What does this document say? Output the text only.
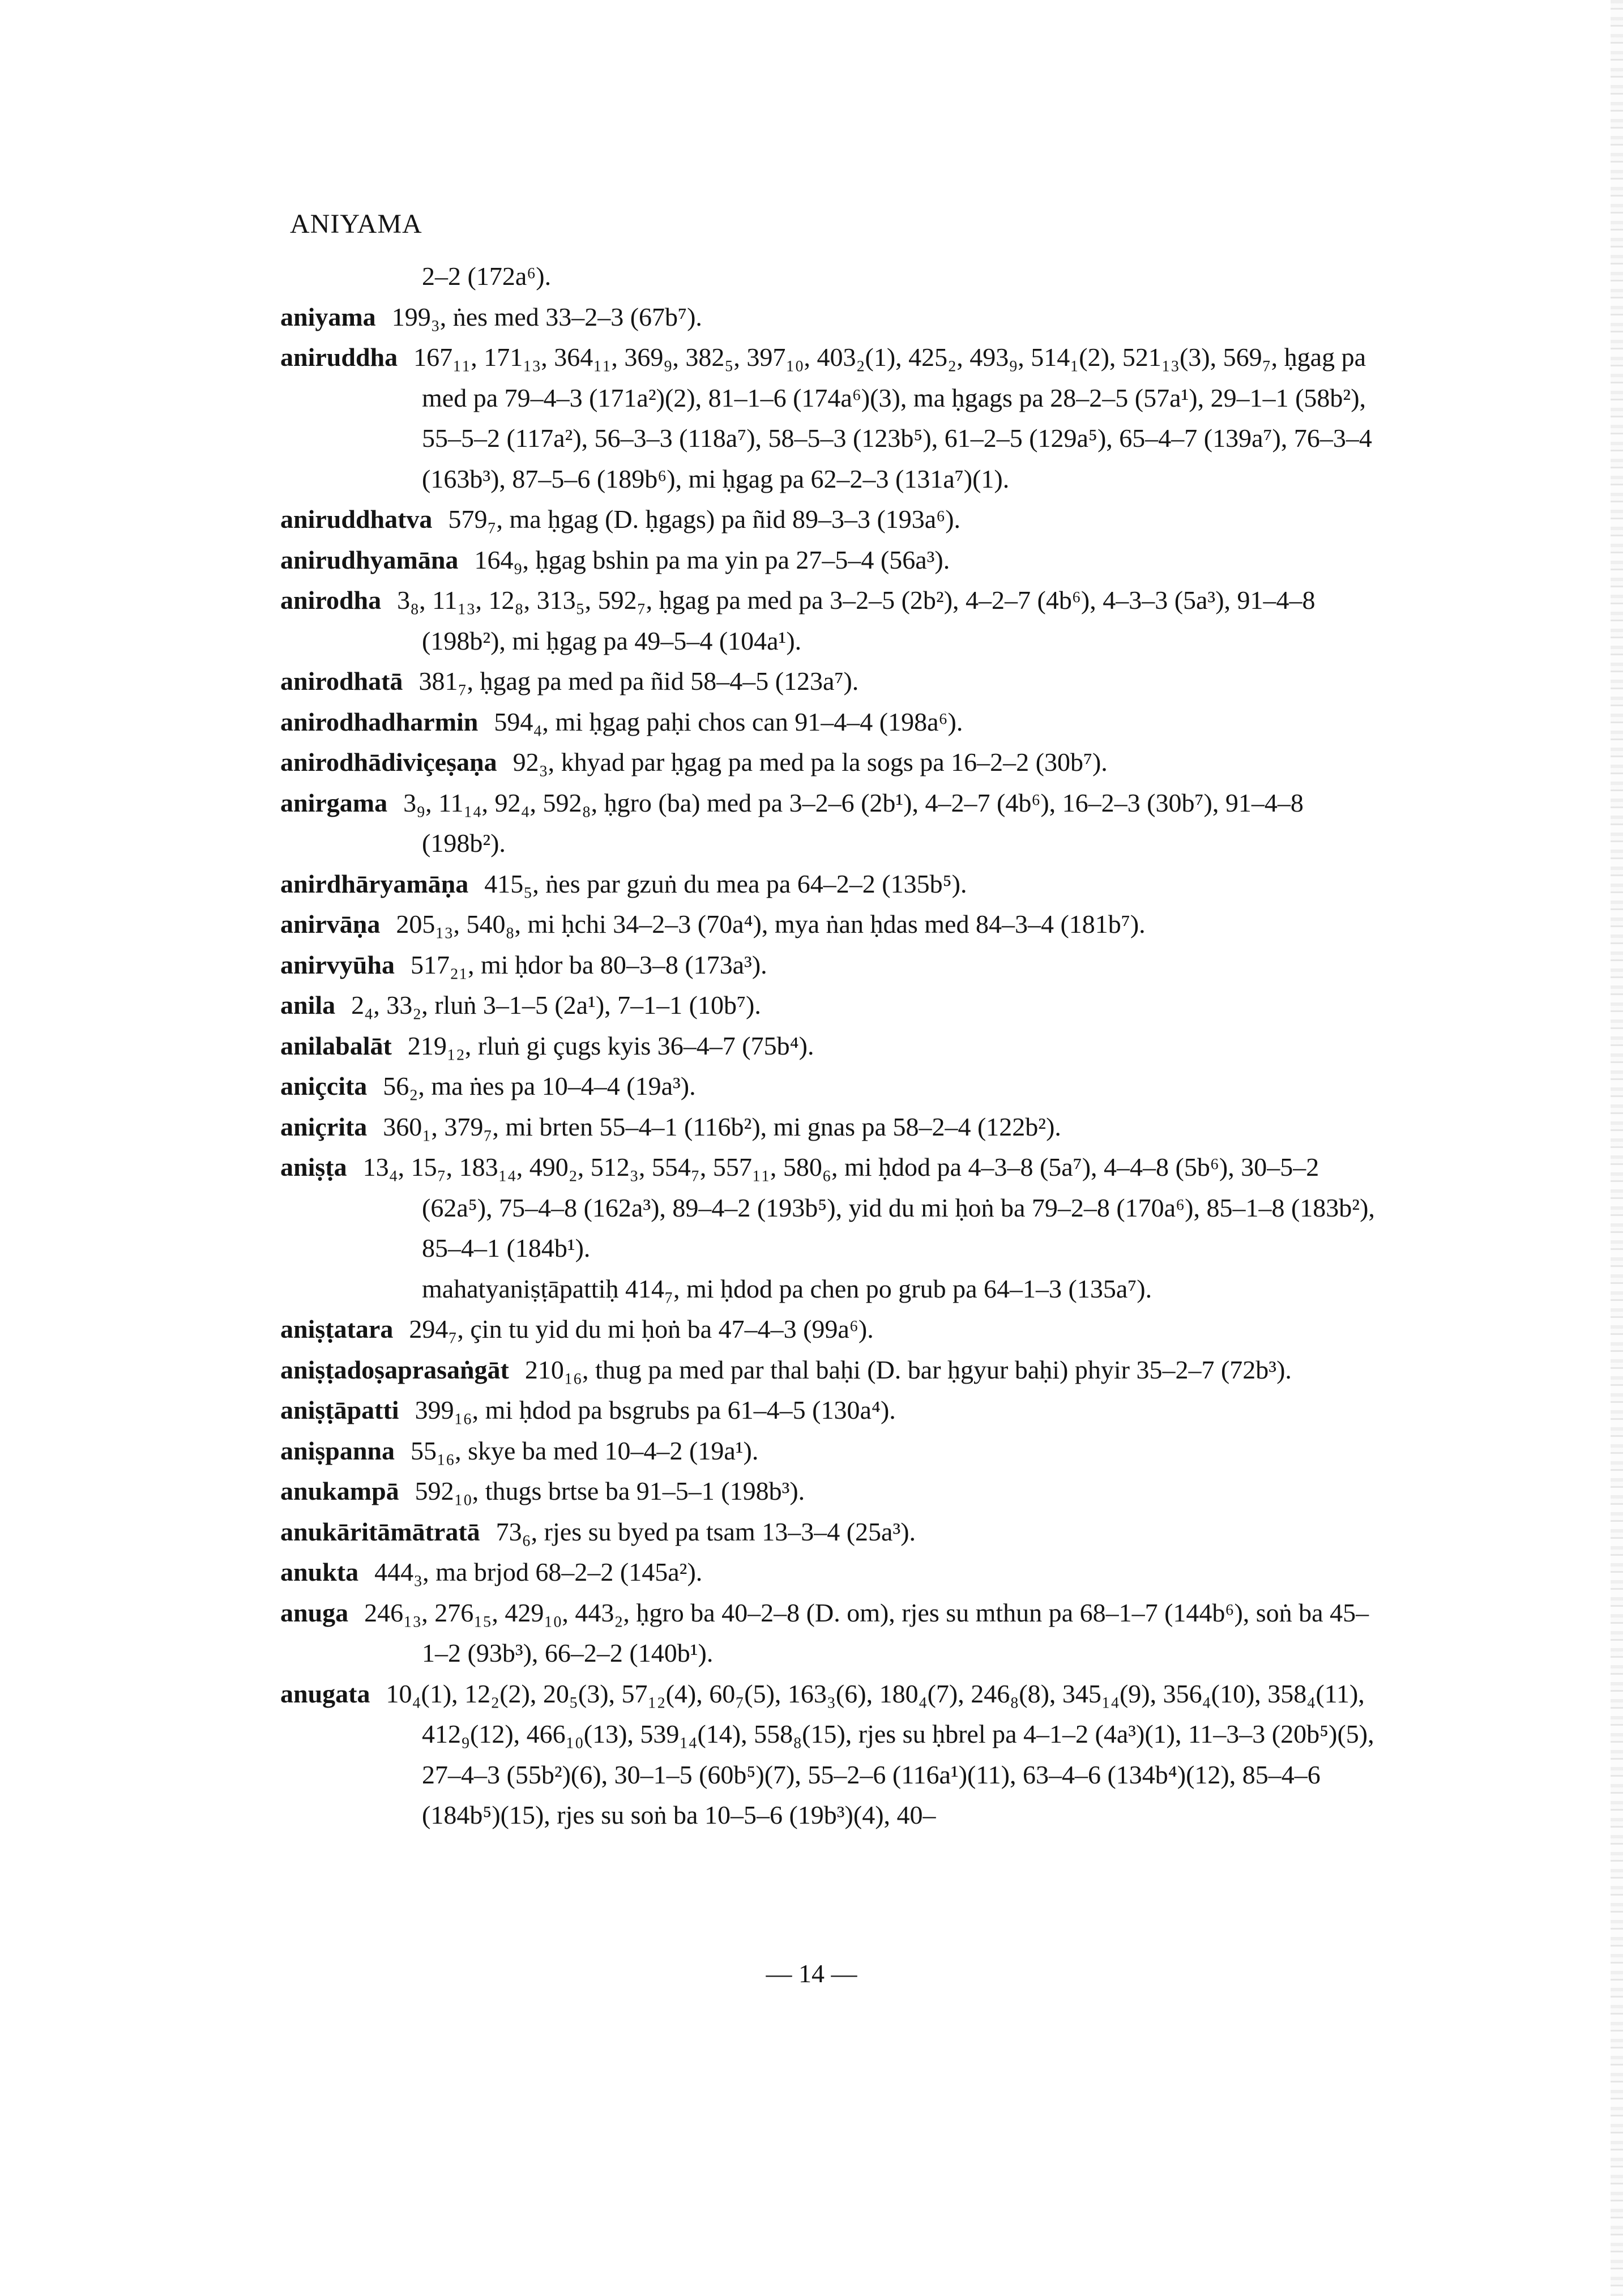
ANIYAMA

2–2 (172a⁶).

aniyama 199₃, ṅes med 33–2–3 (67b⁷).

aniruddha 167₁₁, 171₁₃, 364₁₁, 369₉, 382₅, 397₁₀, 403₂(1), 425₂, 493₉, 514₁(2), 521₁₃(3), 569₇, ḥgag pa med pa 79–4–3 (171a²)(2), 81–1–6 (174a⁶)(3), ma ḥgags pa 28–2–5 (57a¹), 29–1–1 (58b²), 55–5–2 (117a²), 56–3–3 (118a⁷), 58–5–3 (123b⁵), 61–2–5 (129a⁵), 65–4–7 (139a⁷), 76–3–4 (163b³), 87–5–6 (189b⁶), mi ḥgag pa 62–2–3 (131a⁷)(1).

aniruddhatva 579₇, ma ḥgag (D. ḥgags) pa ñid 89–3–3 (193a⁶).

anirudhyamāna 164₉, ḥgag bshin pa ma yin pa 27–5–4 (56a³).

anirodha 3₈, 11₁₃, 12₈, 313₅, 592₇, ḥgag pa med pa 3–2–5 (2b²), 4–2–7 (4b⁶), 4–3–3 (5a³), 91–4–8 (198b²), mi ḥgag pa 49–5–4 (104a¹).

anirodhatā 381₇, ḥgag pa med pa ñid 58–4–5 (123a⁷).

anirodhadharmin 594₄, mi ḥgag paḥi chos can 91–4–4 (198a⁶).

anirodhādiviçeṣaṇa 92₃, khyad par ḥgag pa med pa la sogs pa 16–2–2 (30b⁷).

anirgama 3₉, 11₁₄, 92₄, 592₈, ḥgro (ba) med pa 3–2–6 (2b¹), 4–2–7 (4b⁶), 16–2–3 (30b⁷), 91–4–8 (198b²).

anirdhāryamāṇa 415₅, ṅes par gzuṅ du mea pa 64–2–2 (135b⁵).

anirvāṇa 205₁₃, 540₈, mi ḥchi 34–2–3 (70a⁴), mya ṅan ḥdas med 84–3–4 (181b⁷).

anirvyūha 517₂₁, mi ḥdor ba 80–3–8 (173a³).

anila 2₄, 33₂, rluṅ 3–1–5 (2a¹), 7–1–1 (10b⁷).

anilabalāt 219₁₂, rluṅ gi çugs kyis 36–4–7 (75b⁴).

aniçcita 56₂, ma ṅes pa 10–4–4 (19a³).

aniçrita 360₁, 379₇, mi brten 55–4–1 (116b²), mi gnas pa 58–2–4 (122b²).

aniṣṭa 13₄, 15₇, 183₁₄, 490₂, 512₃, 554₇, 557₁₁, 580₆, mi ḥdod pa 4–3–8 (5a⁷), 4–4–8 (5b⁶), 30–5–2 (62a⁵), 75–4–8 (162a³), 89–4–2 (193b⁵), yid du mi ḥoṅ ba 79–2–8 (170a⁶), 85–1–8 (183b²), 85–4–1 (184b¹).

mahatyaniṣṭāpattiḥ 414₇, mi ḥdod pa chen po grub pa 64–1–3 (135a⁷).

aniṣṭatara 294₇, çin tu yid du mi ḥoṅ ba 47–4–3 (99a⁶).

aniṣṭadoṣaprasaṅgāt 210₁₆, thug pa med par thal baḥi (D. bar ḥgyur baḥi) phyir 35–2–7 (72b³).

aniṣṭāpatti 399₁₆, mi ḥdod pa bsgrubs pa 61–4–5 (130a⁴).

aniṣpanna 55₁₆, skye ba med 10–4–2 (19a¹).

anukampā 592₁₀, thugs brtse ba 91–5–1 (198b³).

anukāritāmātratā 73₆, rjes su byed pa tsam 13–3–4 (25a³).

anukta 444₃, ma brjod 68–2–2 (145a²).

anuga 246₁₃, 276₁₅, 429₁₀, 443₂, ḥgro ba 40–2–8 (D. om), rjes su mthun pa 68–1–7 (144b⁶), soṅ ba 45–1–2 (93b³), 66–2–2 (140b¹).

anugata 10₄(1), 12₂(2), 20₅(3), 57₁₂(4), 60₇(5), 163₃(6), 180₄(7), 246₈(8), 345₁₄(9), 356₄(10), 358₄(11), 412₉(12), 466₁₀(13), 539₁₄(14), 558₈(15), rjes su ḥbrel pa 4–1–2 (4a³)(1), 11–3–3 (20b⁵)(5), 27–4–3 (55b²)(6), 30–1–5 (60b⁵)(7), 55–2–6 (116a¹)(11), 63–4–6 (134b⁴)(12), 85–4–6 (184b⁵)(15), rjes su soṅ ba 10–5–6 (19b³)(4), 40–

— 14 —
